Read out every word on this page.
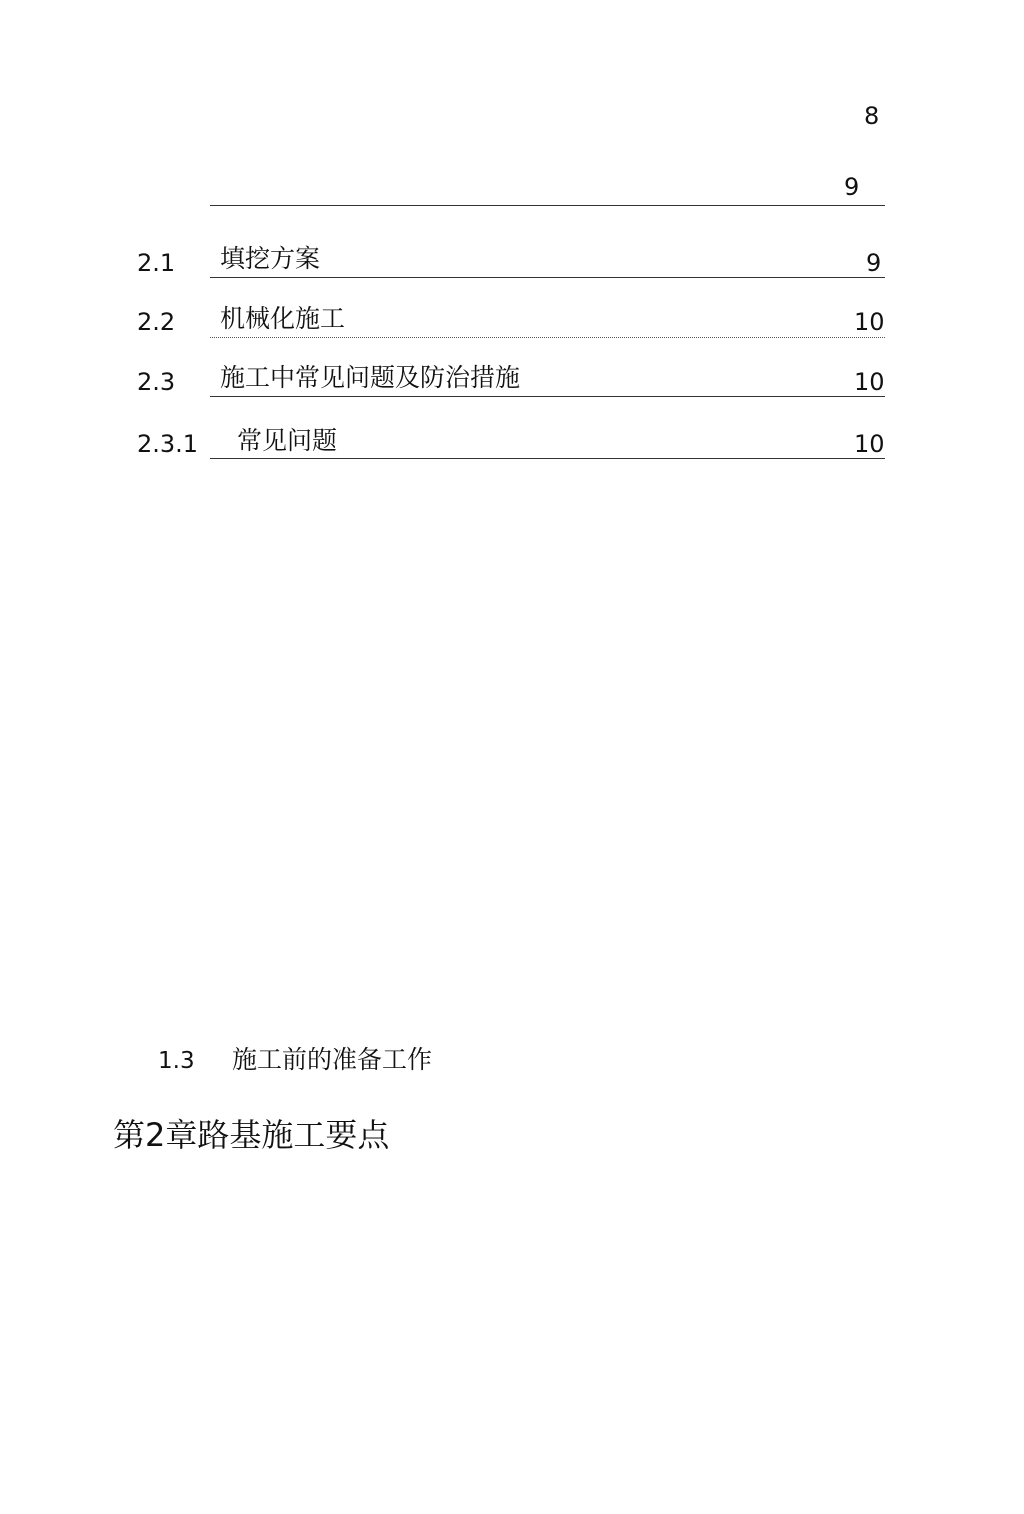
8
9
2.1 填挖方案	9
2.2 机械化施工	10
2.3 施工中常见问题及防治措施	10
2.3.1 常见问题	10
1.3 施工前的准备工作
第2章路基施工要点
